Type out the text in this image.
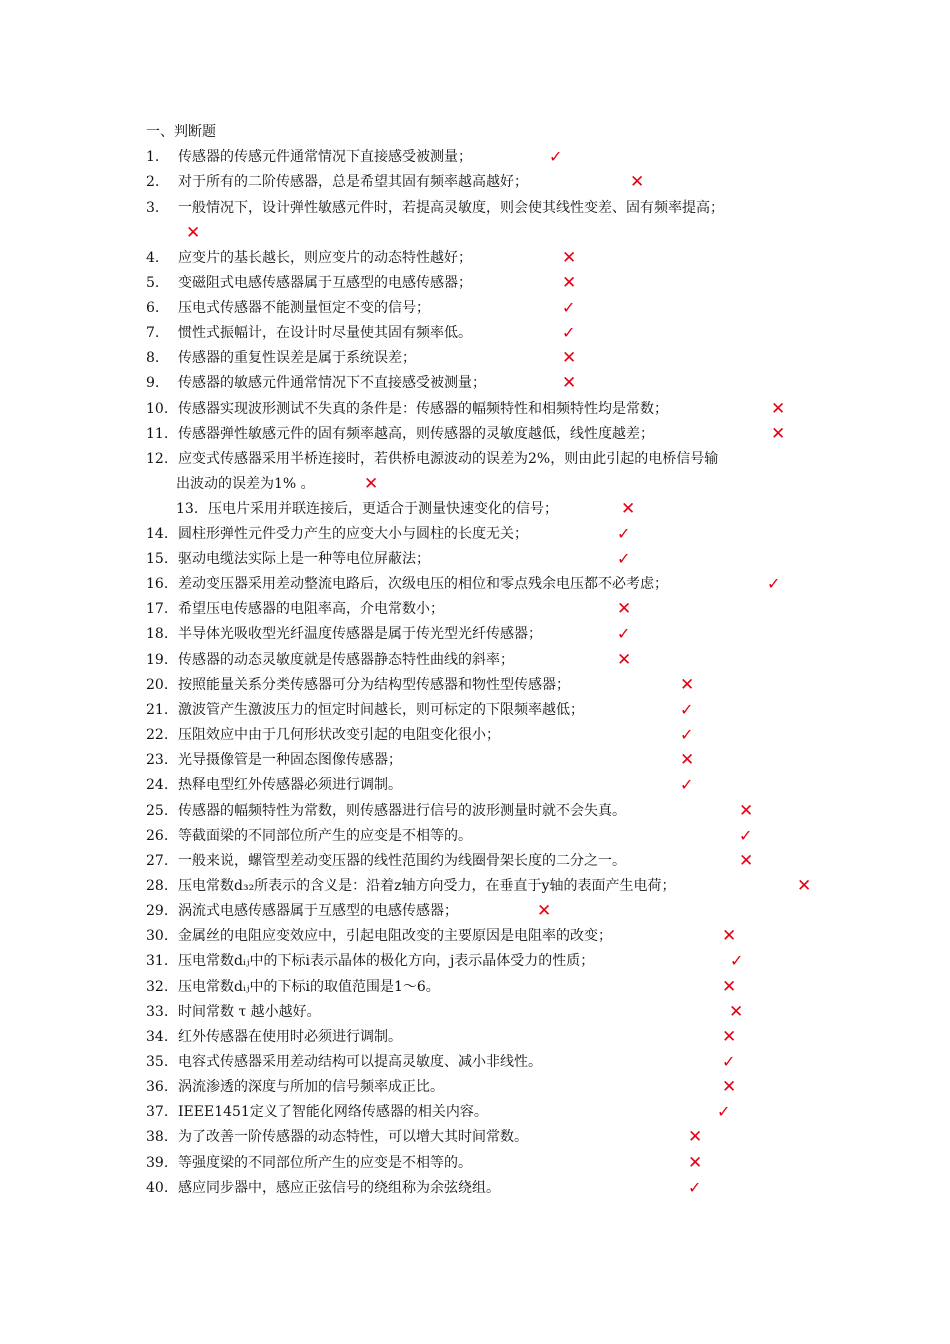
一、判断题
1. 传感器的传感元件通常情况下直接感受被测量；	✓
2. 对于所有的二阶传感器，总是希望其固有频率越高越好；	✕
3. 一般情况下，设计弹性敏感元件时，若提高灵敏度，则会使其线性变差、固有频率提高；
✕
4. 应变片的基长越长，则应变片的动态特性越好；	✕
5. 变磁阻式电感传感器属于互感型的电感传感器；	✕
6. 压电式传感器不能测量恒定不变的信号；	✓
7. 惯性式振幅计，在设计时尽量使其固有频率低。	✓
8. 传感器的重复性误差是属于系统误差；	✕
9. 传感器的敏感元件通常情况下不直接感受被测量；	✕
10. 传感器实现波形测试不失真的条件是：传感器的幅频特性和相频特性均是常数；	✕
11. 传感器弹性敏感元件的固有频率越高，则传感器的灵敏度越低，线性度越差；	✕
12. 应变式传感器采用半桥连接时，若供桥电源波动的误差为2%，则由此引起的电桥信号输
出波动的误差为1% 。	✕
13. 压电片采用并联连接后，更适合于测量快速变化的信号；	✕
14. 圆柱形弹性元件受力产生的应变大小与圆柱的长度无关；	✓
15. 驱动电缆法实际上是一种等电位屏蔽法；	✓
16. 差动变压器采用差动整流电路后，次级电压的相位和零点残余电压都不必考虑；	✓
17. 希望压电传感器的电阻率高，介电常数小；	✕
18. 半导体光吸收型光纤温度传感器是属于传光型光纤传感器；	✓
19. 传感器的动态灵敏度就是传感器静态特性曲线的斜率；	✕
20. 按照能量关系分类传感器可分为结构型传感器和物性型传感器；	✕
21. 激波管产生激波压力的恒定时间越长，则可标定的下限频率越低；	✓
22. 压阻效应中由于几何形状改变引起的电阻变化很小；	✓
23. 光导摄像管是一种固态图像传感器；	✕
24. 热释电型红外传感器必须进行调制。	✓
25. 传感器的幅频特性为常数，则传感器进行信号的波形测量时就不会失真。	✕
26. 等截面梁的不同部位所产生的应变是不相等的。	✓
27. 一般来说，螺管型差动变压器的线性范围约为线圈骨架长度的二分之一。	✕
28. 压电常数d₃₂所表示的含义是：沿着z轴方向受力，在垂直于y轴的表面产生电荷；	✕
29. 涡流式电感传感器属于互感型的电感传感器；	✕
30. 金属丝的电阻应变效应中，引起电阻改变的主要原因是电阻率的改变；	✕
31. 压电常数dᵢⱼ中的下标i表示晶体的极化方向，j表示晶体受力的性质；	✓
32. 压电常数dᵢⱼ中的下标i的取值范围是1～6。	✕
33. 时间常数 τ 越小越好。	✕
34. 红外传感器在使用时必须进行调制。	✕
35. 电容式传感器采用差动结构可以提高灵敏度、减小非线性。	✓
36. 涡流渗透的深度与所加的信号频率成正比。	✕
37. IEEE1451定义了智能化网络传感器的相关内容。	✓
38. 为了改善一阶传感器的动态特性，可以增大其时间常数。	✕
39. 等强度梁的不同部位所产生的应变是不相等的。	✕
40. 感应同步器中，感应正弦信号的绕组称为余弦绕组。	✓
